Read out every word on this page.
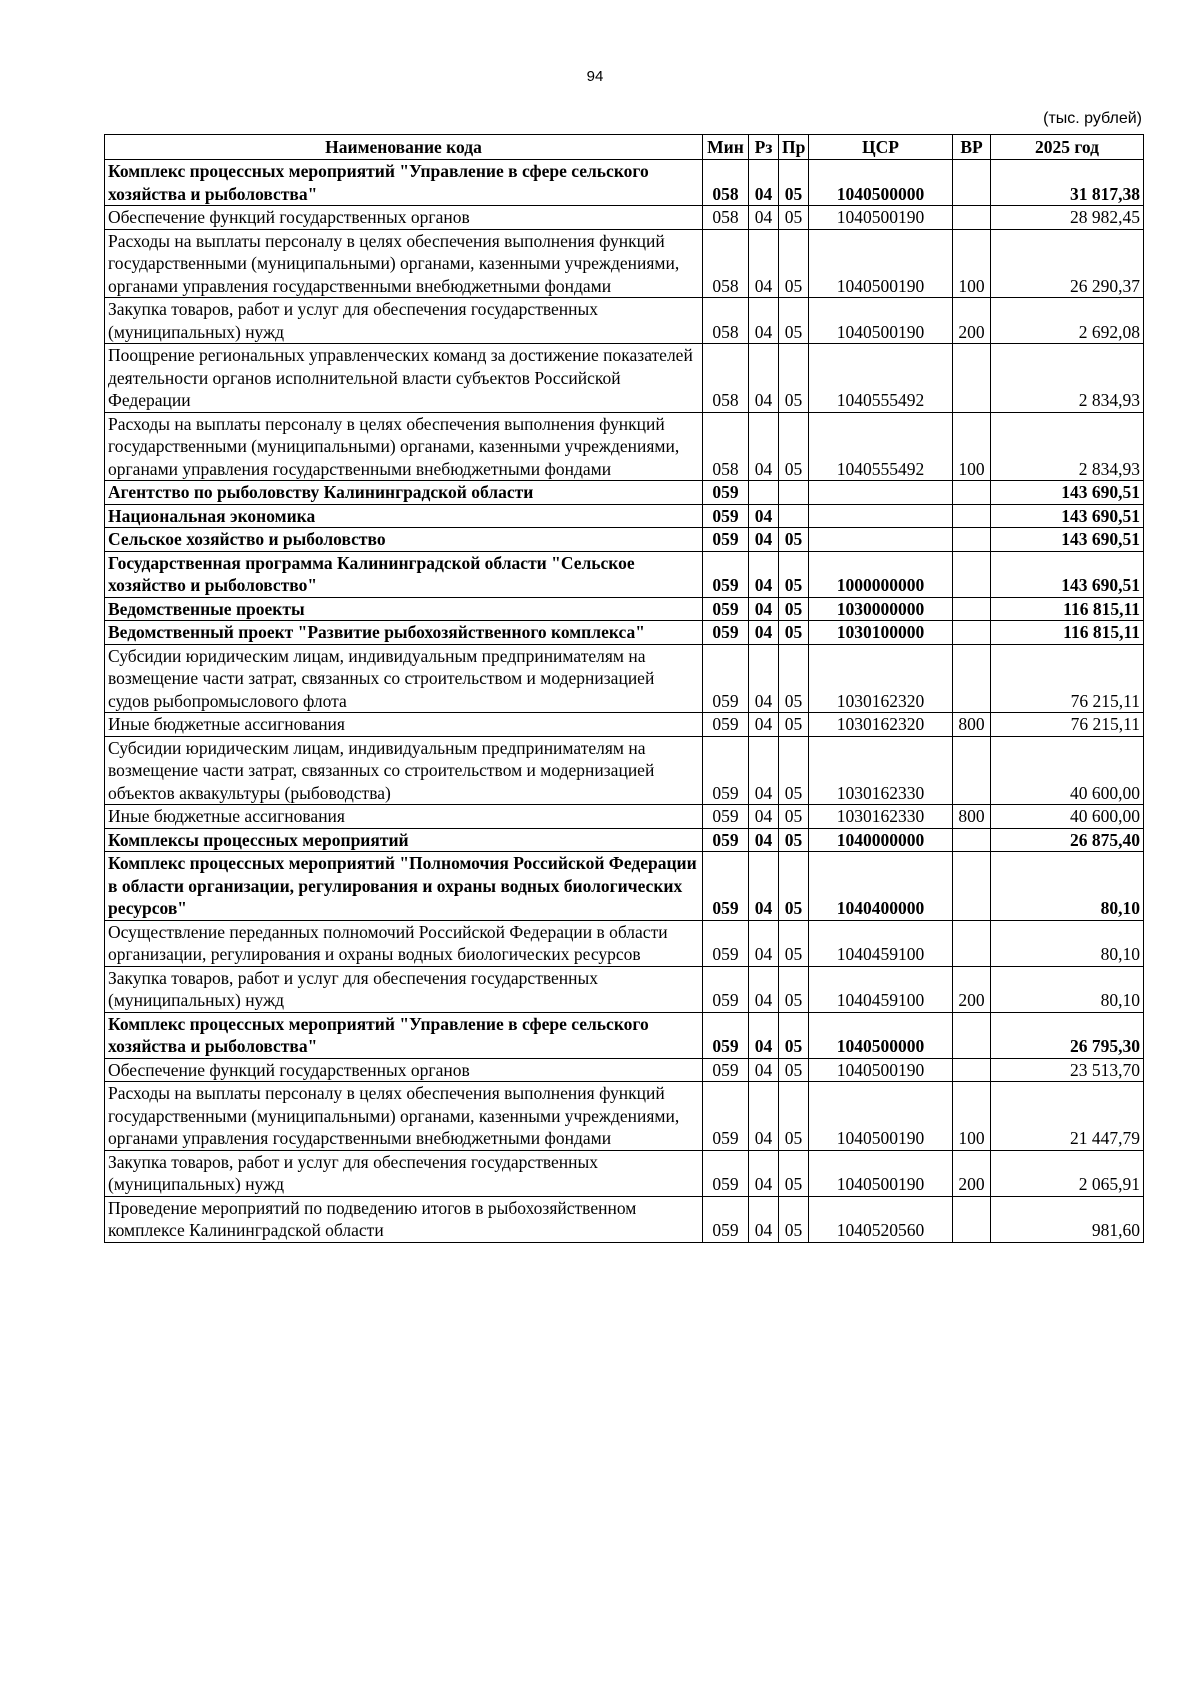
94
(тыс. рублей)
Наименование кода	Мин	Рз	Пр	ЦСР	ВР	2025 год
Комплекс процессных мероприятий "Управление в сфере сельского хозяйства и рыболовства"	058	04	05	1040500000		31 817,38
Обеспечение функций государственных органов	058	04	05	1040500190		28 982,45
Расходы на выплаты персоналу в целях обеспечения выполнения функций государственными (муниципальными) органами, казенными учреждениями, органами управления государственными внебюджетными фондами	058	04	05	1040500190	100	26 290,37
Закупка товаров, работ и услуг для обеспечения государственных (муниципальных) нужд	058	04	05	1040500190	200	2 692,08
Поощрение региональных управленческих команд за достижение показателей деятельности органов исполнительной власти субъектов Российской Федерации	058	04	05	1040555492		2 834,93
Расходы на выплаты персоналу в целях обеспечения выполнения функций государственными (муниципальными) органами, казенными учреждениями, органами управления государственными внебюджетными фондами	058	04	05	1040555492	100	2 834,93
Агентство по рыболовству Калининградской области	059					143 690,51
Национальная экономика	059	04				143 690,51
Сельское хозяйство и рыболовство	059	04	05			143 690,51
Государственная программа Калининградской области "Сельское хозяйство и рыболовство"	059	04	05	1000000000		143 690,51
Ведомственные проекты	059	04	05	1030000000		116 815,11
Ведомственный проект "Развитие рыбохозяйственного комплекса"	059	04	05	1030100000		116 815,11
Субсидии юридическим лицам, индивидуальным предпринимателям на возмещение части затрат, связанных со строительством и модернизацией судов рыбопромыслового флота	059	04	05	1030162320		76 215,11
Иные бюджетные ассигнования	059	04	05	1030162320	800	76 215,11
Субсидии юридическим лицам, индивидуальным предпринимателям на возмещение части затрат, связанных со строительством и модернизацией объектов аквакультуры (рыбоводства)	059	04	05	1030162330		40 600,00
Иные бюджетные ассигнования	059	04	05	1030162330	800	40 600,00
Комплексы процессных мероприятий	059	04	05	1040000000		26 875,40
Комплекс процессных мероприятий "Полномочия Российской Федерации в области организации, регулирования и охраны водных биологических ресурсов"	059	04	05	1040400000		80,10
Осуществление переданных полномочий Российской Федерации в области организации, регулирования и охраны водных биологических ресурсов	059	04	05	1040459100		80,10
Закупка товаров, работ и услуг для обеспечения государственных (муниципальных) нужд	059	04	05	1040459100	200	80,10
Комплекс процессных мероприятий "Управление в сфере сельского хозяйства и рыболовства"	059	04	05	1040500000		26 795,30
Обеспечение функций государственных органов	059	04	05	1040500190		23 513,70
Расходы на выплаты персоналу в целях обеспечения выполнения функций государственными (муниципальными) органами, казенными учреждениями, органами управления государственными внебюджетными фондами	059	04	05	1040500190	100	21 447,79
Закупка товаров, работ и услуг для обеспечения государственных (муниципальных) нужд	059	04	05	1040500190	200	2 065,91
Проведение мероприятий по подведению итогов в рыбохозяйственном комплексе Калининградской области	059	04	05	1040520560		981,60
